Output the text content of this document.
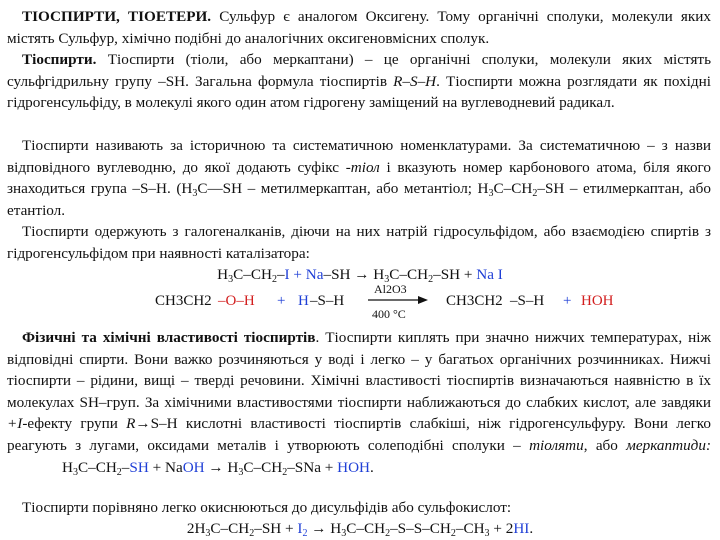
ТІОСПИРТИ, ТІОЕТЕРИ. Сульфур є аналогом Оксигену. Тому органічні сполуки, молекули яких містять Сульфур, хімічно подібні до аналогічних оксигеновмісних сполук.

Тіоспирти. Тіоспирти (тіоли, або меркаптани) – це органічні сполуки, молекули яких містять сульфгідрильну групу –SH. Загальна формула тіоспиртів R–S–H. Тіоспирти можна розглядати як похідні гідрогенсульфіду, в молекулі якого один атом гідрогену заміщений на вуглеводневий радикал.

Тіоспирти називають за історичною та систематичною номенклатурами. За систематичною – з назви відповідного вуглеводню, до якої додають суфікс -тіол і вказують номер карбонового атома, біля якого знаходиться група –S–H. ($H_3C—SH$ – метилмеркаптан, або метантіол; $H_3C-CH_2-SH$ – етилмеркаптан, або етантіол.

Тіоспирти одержують з галогеналканів, діючи на них натрій гідросульфідом, або взаємодією спиртів з гідрогенсульфідом при наявності каталізатора:

$H_3C-CH_2-I + Na-SH \to H_3C-CH_2-SH + Na$ I

CH3CH2 –O–H + H –S–H
Al2O3
400 °C
CH3CH2 –S–H + HOH

Фізичні та хімічні властивості тіоспиртів. Тіоспирти киплять при значно нижчих температурах, ніж відповідні спирти. Вони важко розчиняються у воді і легко – у багатьох органічних розчинниках. Нижчі тіоспирти – рідини, вищі – тверді речовини. Хімічні властивості тіоспиртів визначаються наявністю в їх молекулах SH–груп. За хімічними властивостями тіоспирти наближаються до слабких кислот, але завдяки +I-ефекту групи R→S–H кислотні властивості тіоспиртів слабкіші, ніж гідрогенсульфуру. Вони легко реагують з лугами, оксидами металів і утворюють солеподібні сполуки – тіоляти, або $меркаптиди:H_3C-CH_2-SH$ + NaOH → $H_3C-CH_2$–SNa + HOH.

Тіоспирти порівняно легко окиснюються до дисульфідів або сульфокислот:

$2H_3C-CH_2-SH + I_2 \to H_3C-CH_2-S-S-CH_2-CH_3 + 2HI$.
